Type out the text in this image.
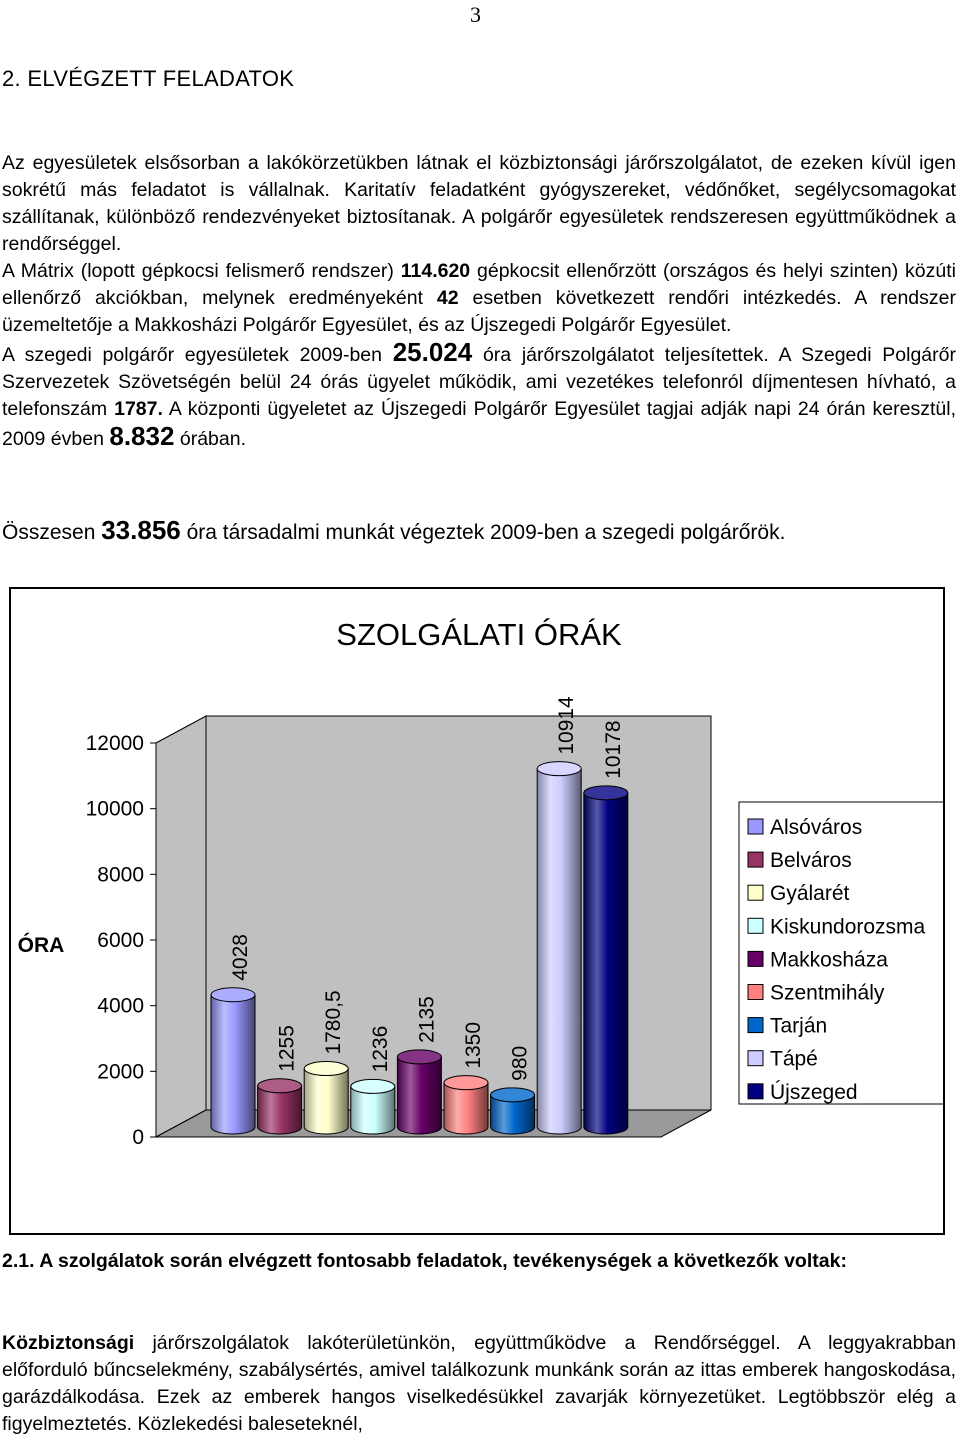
3
2. ELVÉGZETT FELADATOK

Az egyesületek elsősorban a lakókörzetükben látnak el közbiztonsági járőrszolgálatot, de ezeken kívül igen sokrétű más feladatot is vállalnak. Karitatív feladatként gyógyszereket, védőnőket, segélycsomagokat szállítanak, különböző rendezvényeket biztosítanak. A polgárőr egyesületek rendszeresen együttműködnek a rendőrséggel.

A Mátrix (lopott gépkocsi felismerő rendszer) 114.620 gépkocsit ellenőrzött (országos és helyi szinten) közúti ellenőrző akciókban, melynek eredményeként 42 esetben következett rendőri intézkedés. A rendszer üzemeltetője a Makkosházi Polgárőr Egyesület, és az Újszegedi Polgárőr Egyesület.

A szegedi polgárőr egyesületek 2009-ben 25.024 óra járőrszolgálatot teljesítettek. A Szegedi Polgárőr Szervezetek Szövetségén belül 24 órás ügyelet működik, ami vezetékes telefonról díjmentesen hívható, a telefonszám 1787. A központi ügyeletet az Újszegedi Polgárőr Egyesület tagjai adják napi 24 órán keresztül, 2009 évben 8.832 órában.

Összesen 33.856 óra társadalmi munkát végeztek 2009-ben a szegedi polgárőrök.
SZOLGÁLATI ÓRÁK
0
2000
4000
6000
8000
10000
12000
ÓRA	4028
1255 1780,5 1236
2135
1350 980
10914 10178
Alsóváros
Belváros
Gyálarét
Kiskundorozsma
Makkosháza
Szentmihály
Tarján
Tápé
Újszeged
2.1. A szolgálatok során elvégzett fontosabb feladatok, tevékenységek a következők voltak:
Közbiztonsági járőrszolgálatok lakóterületünkön, együttműködve a Rendőrséggel. A leggyakrabban előforduló bűncselekmény, szabálysértés, amivel találkozunk munkánk során az ittas emberek hangoskodása, garázdálkodása. Ezek az emberek hangos viselkedésükkel zavarják környezetüket. Legtöbbször elég a figyelmeztetés. Közlekedési baleseteknél,
